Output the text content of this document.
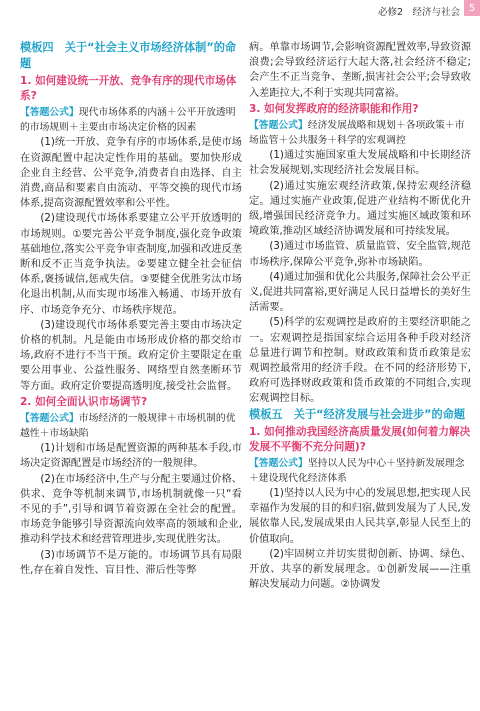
必修2　经济与社会 5
模板四　关于“社会主义市场经济体制”的命题
1. 如何建设统一开放、竞争有序的现代市场体系?
【答题公式】现代市场体系的内涵＋公平开放透明的市场规则＋主要由市场决定价格的因素
(1)统一开放、竞争有序的市场体系,是使市场在资源配置中起决定性作用的基础。要加快形成企业自主经营、公平竞争,消费者自由选择、自主消费,商品和要素自由流动、平等交换的现代市场体系,提高资源配置效率和公平性。
(2)建设现代市场体系要建立公平开放透明的市场规则。①要完善公平竞争制度,强化竞争政策基础地位,落实公平竞争审查制度,加强和改进反垄断和反不正当竞争执法。②要建立健全社会征信体系,褒扬诚信,惩戒失信。③要健全优胜劣汰市场化退出机制,从而实现市场准入畅通、市场开放有序、市场竞争充分、市场秩序规范。
(3)建设现代市场体系要完善主要由市场决定价格的机制。凡是能由市场形成价格的都交给市场,政府不进行不当干预。政府定价主要限定在重要公用事业、公益性服务、网络型自然垄断环节等方面。政府定价要提高透明度,接受社会监督。
2. 如何全面认识市场调节?
【答题公式】市场经济的一般规律＋市场机制的优越性＋市场缺陷
(1)计划和市场是配置资源的两种基本手段,市场决定资源配置是市场经济的一般规律。
(2)在市场经济中,生产与分配主要通过价格、供求、竞争等机制来调节,市场机制就像一只“看不见的手”,引导和调节着资源在全社会的配置。市场竞争能够引导资源流向效率高的领域和企业,推动科学技术和经营管理进步,实现优胜劣汰。
(3)市场调节不是万能的。市场调节具有局限性,存在着自发性、盲目性、滞后性等弊
病。单靠市场调节,会影响资源配置效率,导致资源浪费;会导致经济运行大起大落,社会经济不稳定;会产生不正当竞争、垄断,损害社会公平;会导致收入差距拉大,不利于实现共同富裕。
3. 如何发挥政府的经济职能和作用?
【答题公式】经济发展战略和规划＋各项政策＋市场监管＋公共服务＋科学的宏观调控
(1)通过实施国家重大发展战略和中长期经济社会发展规划,实现经济社会发展目标。
(2)通过实施宏观经济政策,保持宏观经济稳定。通过实施产业政策,促进产业结构不断优化升级,增强国民经济竞争力。通过实施区域政策和环境政策,推动区域经济协调发展和可持续发展。
(3)通过市场监管、质量监管、安全监管,规范市场秩序,保障公平竞争,弥补市场缺陷。
(4)通过加强和优化公共服务,保障社会公平正义,促进共同富裕,更好满足人民日益增长的美好生活需要。
(5)科学的宏观调控是政府的主要经济职能之一。宏观调控是指国家综合运用各种手段对经济总量进行调节和控制。财政政策和货币政策是宏观调控最常用的经济手段。在不同的经济形势下,政府可选择财政政策和货币政策的不同组合,实现宏观调控目标。
模板五　关于“经济发展与社会进步”的命题
1. 如何推动我国经济高质量发展(如何着力解决发展不平衡不充分问题)?
【答题公式】坚持以人民为中心＋坚持新发展理念＋建设现代化经济体系
(1)坚持以人民为中心的发展思想,把实现人民幸福作为发展的目的和归宿,做到发展为了人民,发展依靠人民,发展成果由人民共享,彰显人民至上的价值取向。
(2)牢固树立并切实贯彻创新、协调、绿色、开放、共享的新发展理念。①创新发展——注重解决发展动力问题。②协调发
